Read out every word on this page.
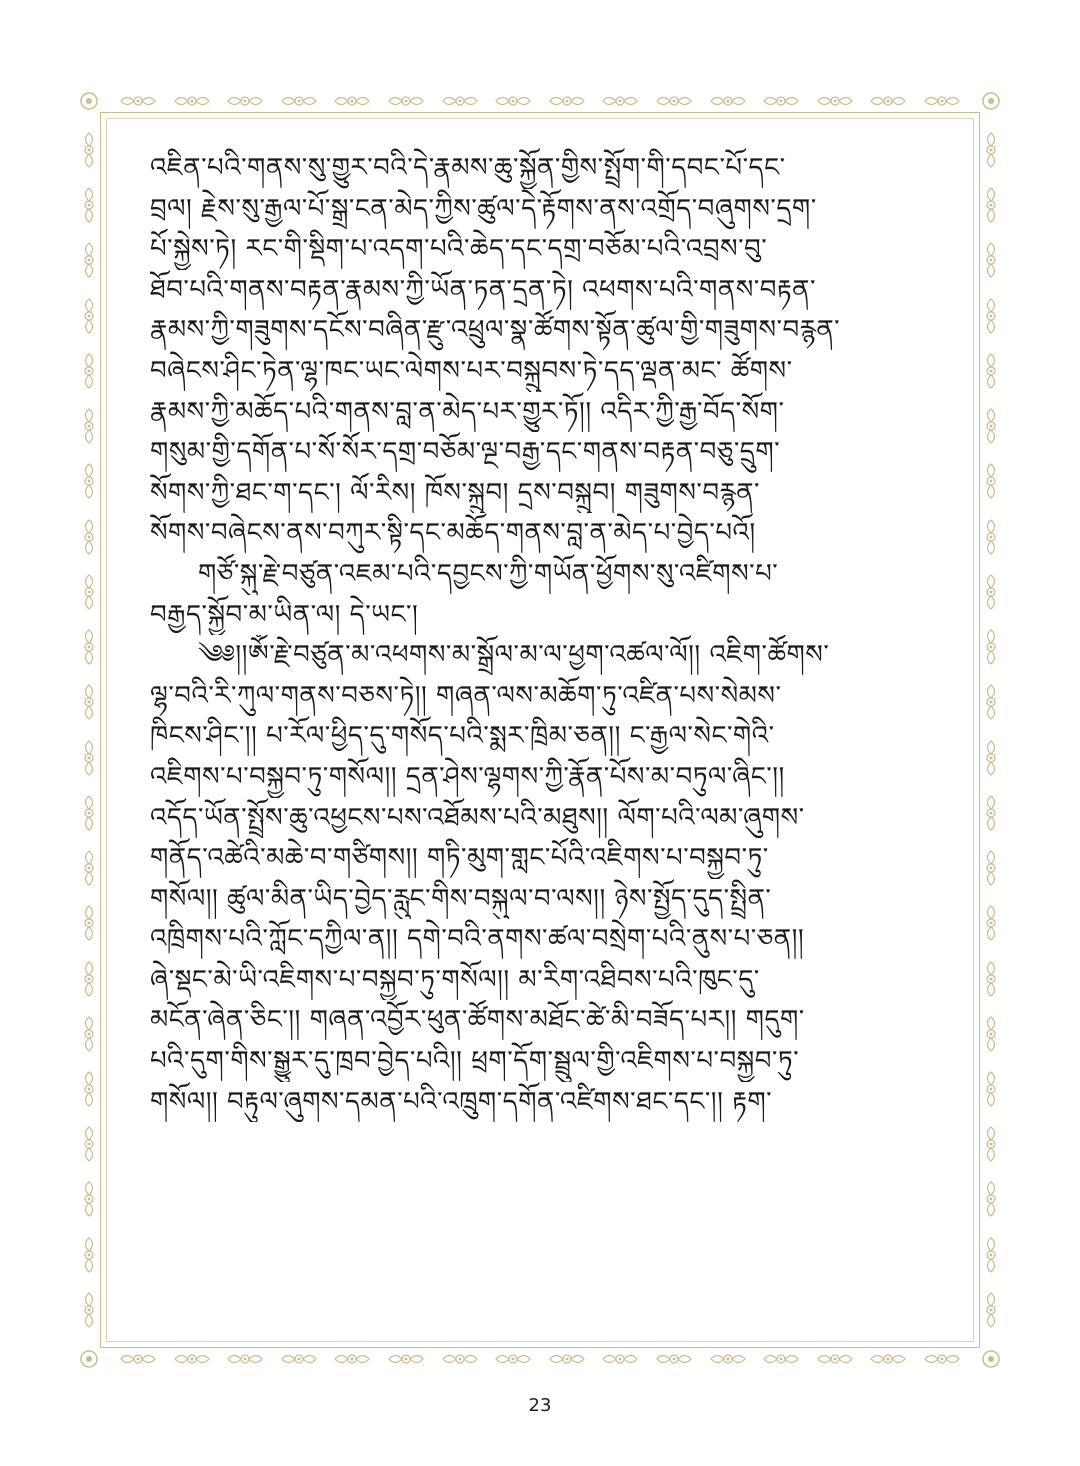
འཇིན་པའི་གནས་སུ་གྱུར་བའི་དེ་རྣམས་ཆུ་སྐྱོན་གྱིས་སྤྲོག་གི་དབང་པོ་དང་
བྲལ། རྗེས་སུ་རྒྱལ་པོ་སྒྲ་ངན་མེད་ཀྱིས་ཚུལ་དེ་རྟོགས་ནས་འགྲོད་བཞུགས་དྲག་
པོ་སྐྱེས་ཏེ། རང་གི་སྡིག་པ་འདག་པའི་ཆེད་དང་དགྲ་བཅོམ་པའི་འབྲས་བུ་
ཐོབ་པའི་གནས་བརྟན་རྣམས་ཀྱི་ཡོན་ཏན་དྲན་ཏེ། འཕགས་པའི་གནས་བརྟན་
རྣམས་ཀྱི་གཟུགས་དངོས་བཞིན་རྫུ་འཕྲུལ་སྣ་ཚོགས་སྟོན་ཚུལ་གྱི་གཟུགས་བརྙན་
བཞེངས་ཤིང་ཏེན་ལྷ་ཁང་ཡང་ལེགས་པར་བསྐྲུབས་ཏེ་དད་ལྡན་མང་ ཚོགས་
རྣམས་ཀྱི་མཆོད་པའི་གནས་བླ་ན་མེད་པར་གྱུར་ཏོ།། འདིར་ཀྱི་རྒྱ་བོད་སོག་
གསུམ་གྱི་དགོན་པ་སོ་སོར་དགྲ་བཅོམ་ལྔ་བརྒྱ་དང་གནས་བརྟན་བཅུ་དྲུག་
སོགས་ཀྱི་ཐང་ག་དང་། ལོ་རིས། ཁོས་སྐྲུབ། དྲས་བསྐྲུབ། གཟུགས་བརྙན་
སོགས་བཞེངས་ནས་བཀུར་སྟི་དང་མཆོད་གནས་བླ་ན་མེད་པ་བྱེད་པའོ།
གཙོ་སྐུ་རྗེ་བཙུན་འཇམ་པའི་དབྱངས་ཀྱི་གཡོན་ཕྱོགས་སུ་འཛིགས་པ་
བརྒྱད་སྐྱོབ་མ་ཡིན་ལ། དེ་ཡང་།
༄༅།།ཨོཾ་རྗེ་བཙུན་མ་འཕགས་མ་སྒྲོལ་མ་ལ་ཕྱག་འཚལ་ལོ།། འཇིག་ཚོགས་
ལྷ་བའི་རི་ཀུལ་གནས་བཅས་ཏེ།། གཞན་ལས་མཆོག་ཏུ་འཛིན་པས་སེམས་
ཁིངས་ཤིང་།། པ་རོལ་ཕྱིད་དུ་གསོད་པའི་སྨར་ཁྲིམ་ཅན།། ང་རྒྱལ་སེང་གེའི་
འཇིགས་པ་བསྐྱབ་ཏུ་གསོལ།། དྲན་ཤེས་ལྷགས་ཀྱི་རྣོན་པོས་མ་བཏུལ་ཞིང་།།
འདོད་ཡོན་སྤྲོས་ཆུ་འཕྱངས་པས་འཐོམས་པའི་མཐུས།། ལོག་པའི་ལམ་ཞུགས་
གནོད་འཚེའི་མཆེ་བ་གཙིགས།། གཏི་མུག་གླང་པོའི་འཇིགས་པ་བསྐྱབ་ཏུ་
གསོལ།། ཚུལ་མིན་ཡིད་བྱེད་རླུང་གིས་བསྐུལ་བ་ལས།། ཉེས་སྤྱོད་དུད་སྤྲིན་
འཁྲིགས་པའི་ཀློང་དཀྱིལ་ན།། དགེ་བའི་ནགས་ཚལ་བསྲེག་པའི་ནུས་པ་ཅན།།
ཞེ་སྡང་མེ་ཡི་འཇིགས་པ་བསྐྱབ་ཏུ་གསོལ།། མ་རིག་འཐིབས་པའི་ཁུང་དུ་
མངོན་ཞེན་ཅིང་།། གཞན་འབྱོར་ཕུན་ཚོགས་མཐོང་ཚེ་མི་བཟོད་པར།། གདུག་
པའི་དུག་གིས་སྒྱུར་དུ་ཁྲབ་བྱེད་པའི།། ཕྲག་དོག་སྦྲུལ་གྱི་འཇིགས་པ་བསྐྱབ་ཏུ་
གསོལ།། བརྟུལ་ཞུགས་དམན་པའི་འཁྲུག་དགོན་འཛིགས་ཐང་དང་།། རྟག་
23
